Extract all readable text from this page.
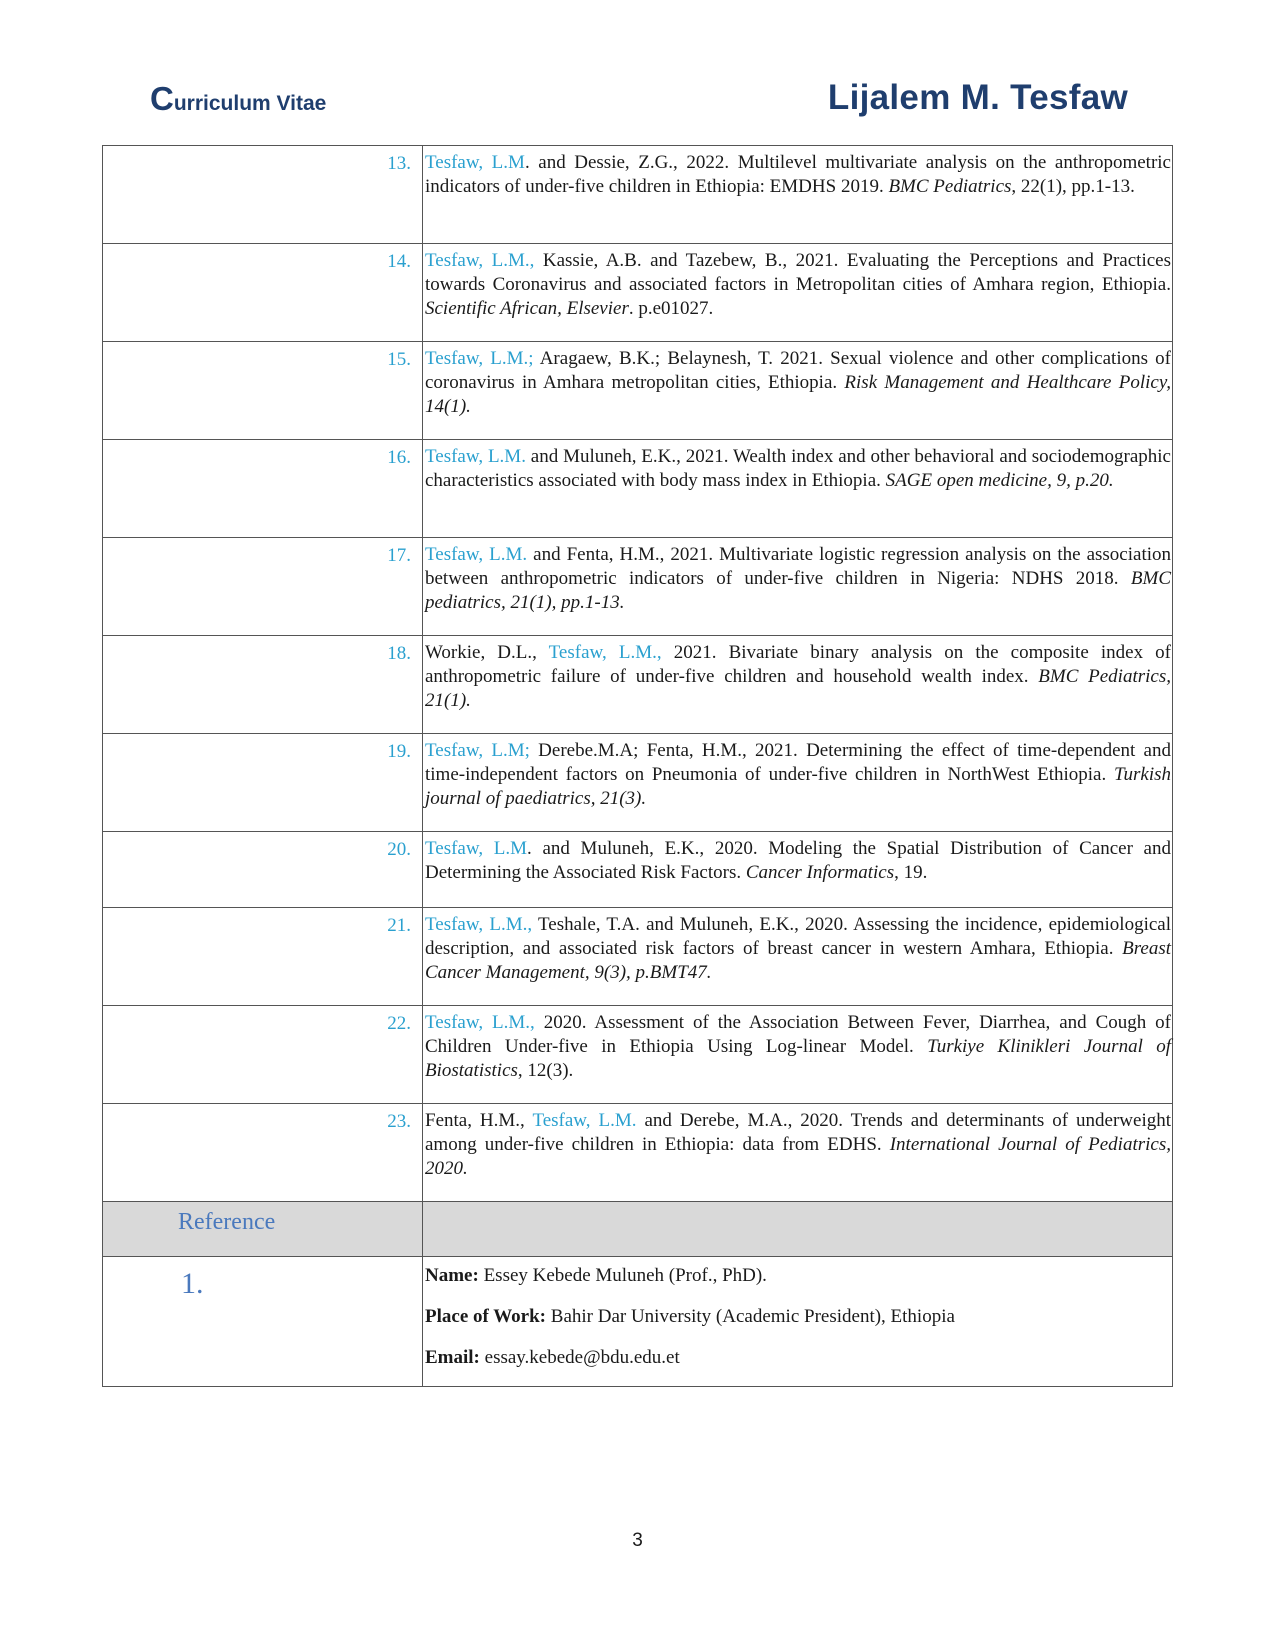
Curriculum Vitae	Lijalem M. Tesfaw
13.	Tesfaw, L.M. and Dessie, Z.G., 2022. Multilevel multivariate analysis on the anthropometric indicators of under-five children in Ethiopia: EMDHS 2019. BMC Pediatrics, 22(1), pp.1-13.

14.	Tesfaw, L.M., Kassie, A.B. and Tazebew, B., 2021. Evaluating the Perceptions and Practices towards Coronavirus and associated factors in Metropolitan cities of Amhara region, Ethiopia. Scientific African, Elsevier. p.e01027.

15.	Tesfaw, L.M.; Aragaew, B.K.; Belaynesh, T. 2021. Sexual violence and other complications of coronavirus in Amhara metropolitan cities, Ethiopia. Risk Management and Healthcare Policy, 14(1).

16.	Tesfaw, L.M. and Muluneh, E.K., 2021. Wealth index and other behavioral and sociodemographic characteristics associated with body mass index in Ethiopia. SAGE open medicine, 9, p.20.

17.	Tesfaw, L.M. and Fenta, H.M., 2021. Multivariate logistic regression analysis on the association between anthropometric indicators of under-five children in Nigeria: NDHS 2018. BMC pediatrics, 21(1), pp.1-13.

18.	Workie, D.L., Tesfaw, L.M., 2021. Bivariate binary analysis on the composite index of anthropometric failure of under-five children and household wealth index. BMC Pediatrics, 21(1).

19.	Tesfaw, L.M; Derebe.M.A; Fenta, H.M., 2021. Determining the effect of time-dependent and time-independent factors on Pneumonia of under-five children in NorthWest Ethiopia. Turkish journal of paediatrics, 21(3).

20.	Tesfaw, L.M. and Muluneh, E.K., 2020. Modeling the Spatial Distribution of Cancer and Determining the Associated Risk Factors. Cancer Informatics, 19.

21.	Tesfaw, L.M., Teshale, T.A. and Muluneh, E.K., 2020. Assessing the incidence, epidemiological description, and associated risk factors of breast cancer in western Amhara, Ethiopia. Breast Cancer Management, 9(3), p.BMT47.

22.	Tesfaw, L.M., 2020. Assessment of the Association Between Fever, Diarrhea, and Cough of Children Under-five in Ethiopia Using Log-linear Model. Turkiye Klinikleri Journal of Biostatistics, 12(3).

23.	Fenta, H.M., Tesfaw, L.M. and Derebe, M.A., 2020. Trends and determinants of underweight among under-five children in Ethiopia: data from EDHS. International Journal of Pediatrics, 2020.

Reference	

1.	Name: Essey Kebede Muluneh (Prof., PhD).
Place of Work: Bahir Dar University (Academic President), Ethiopia
Email: essay.kebede@bdu.edu.et
3
